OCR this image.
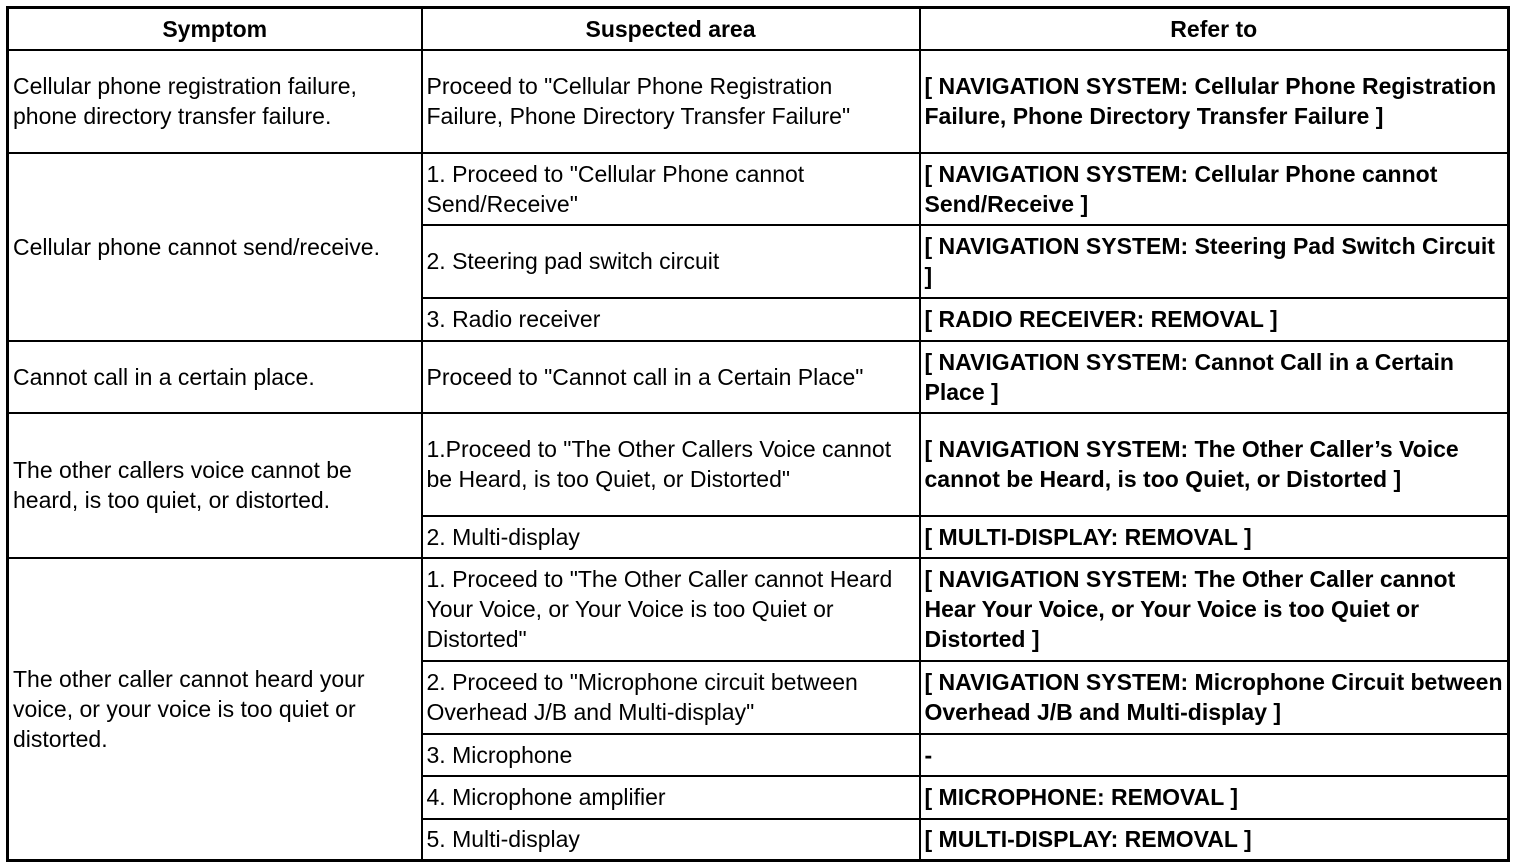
Symptom	Suspected area	Refer to
Cellular phone registration failure, phone directory transfer failure.	Proceed to "Cellular Phone Registration Failure, Phone Directory Transfer Failure"	[ NAVIGATION SYSTEM: Cellular Phone Registration Failure, Phone Directory Transfer Failure ]
Cellular phone cannot send/receive.	1. Proceed to "Cellular Phone cannot Send/Receive"	[ NAVIGATION SYSTEM: Cellular Phone cannot Send/Receive ]
	2. Steering pad switch circuit	[ NAVIGATION SYSTEM: Steering Pad Switch Circuit ]
	3. Radio receiver	[ RADIO RECEIVER: REMOVAL ]
Cannot call in a certain place.	Proceed to "Cannot call in a Certain Place"	[ NAVIGATION SYSTEM: Cannot Call in a Certain Place ]
The other callers voice cannot be heard, is too quiet, or distorted.	1.Proceed to "The Other Callers Voice cannot be Heard, is too Quiet, or Distorted"	[ NAVIGATION SYSTEM: The Other Caller’s Voice cannot be Heard, is too Quiet, or Distorted ]
	2. Multi-display	[ MULTI-DISPLAY: REMOVAL ]
The other caller cannot heard your voice, or your voice is too quiet or distorted.	1. Proceed to "The Other Caller cannot Heard Your Voice, or Your Voice is too Quiet or Distorted"	[ NAVIGATION SYSTEM: The Other Caller cannot Hear Your Voice, or Your Voice is too Quiet or Distorted ]
	2. Proceed to "Microphone circuit between Overhead J/B and Multi-display"	[ NAVIGATION SYSTEM: Microphone Circuit between Overhead J/B and Multi-display ]
	3. Microphone	-
	4. Microphone amplifier	[ MICROPHONE: REMOVAL ]
	5. Multi-display	[ MULTI-DISPLAY: REMOVAL ]
